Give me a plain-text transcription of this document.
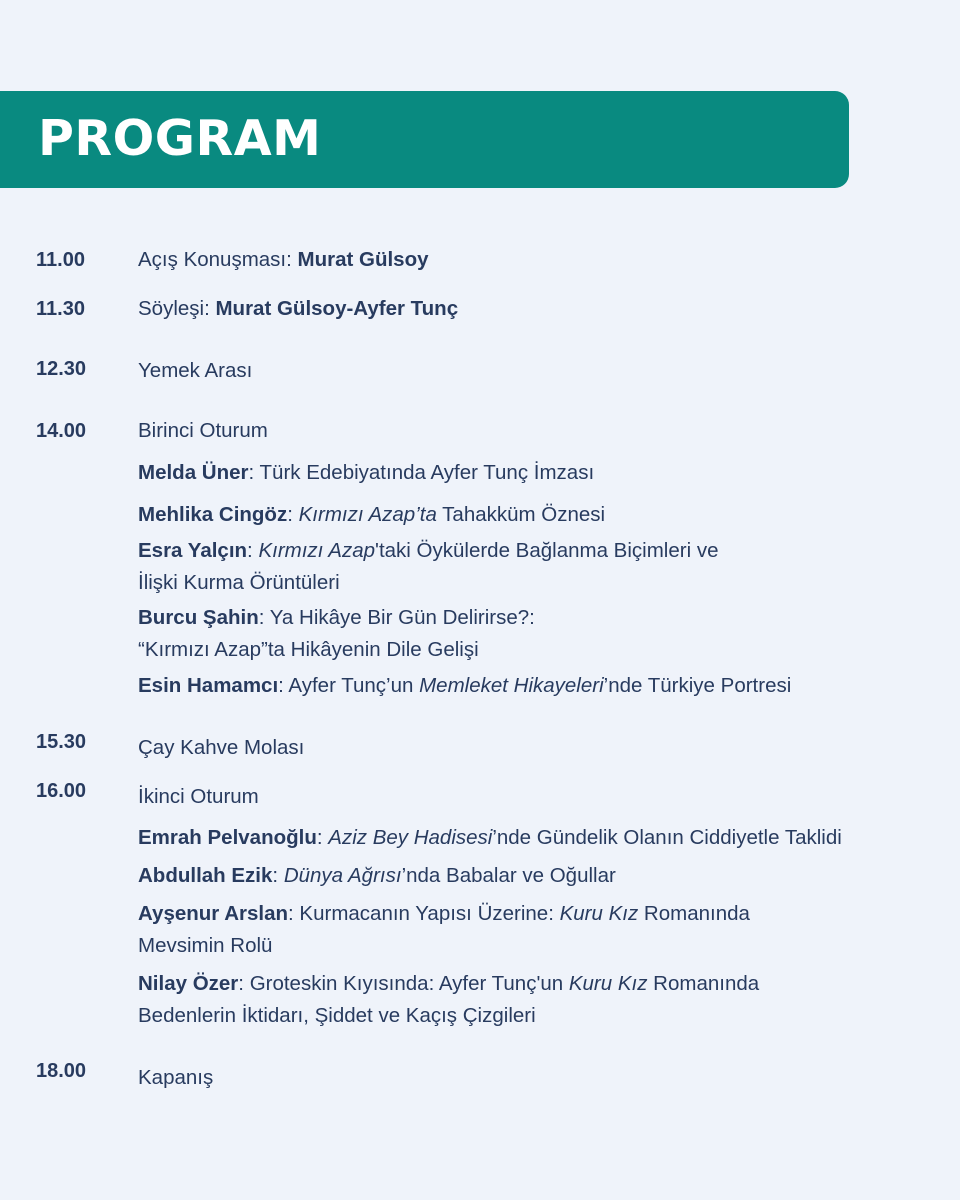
PROGRAM
11.00	Açış Konuşması: Murat Gülsoy
11.30	Söyleşi: Murat Gülsoy-Ayfer Tunç
12.30	Yemek Arası
14.00	Birinci Oturum
Melda Üner: Türk Edebiyatında Ayfer Tunç İmzası
Mehlika Cingöz: Kırmızı Azap’ta Tahakküm Öznesi
Esra Yalçın: Kırmızı Azap'taki Öykülerde Bağlanma Biçimleri ve
İlişki Kurma Örüntüleri
Burcu Şahin: Ya Hikâye Bir Gün Delirirse?:
“Kırmızı Azap”ta Hikâyenin Dile Gelişi
Esin Hamamcı: Ayfer Tunç’un Memleket Hikayeleri’nde Türkiye Portresi
15.30	Çay Kahve Molası
16.00	İkinci Oturum
Emrah Pelvanoğlu: Aziz Bey Hadisesi’nde Gündelik Olanın Ciddiyetle Taklidi
Abdullah Ezik: Dünya Ağrısı’nda Babalar ve Oğullar
Ayşenur Arslan: Kurmacanın Yapısı Üzerine: Kuru Kız Romanında
Mevsimin Rolü
Nilay Özer: Groteskin Kıyısında: Ayfer Tunç'un Kuru Kız Romanında
Bedenlerin İktidarı, Şiddet ve Kaçış Çizgileri
18.00	Kapanış
